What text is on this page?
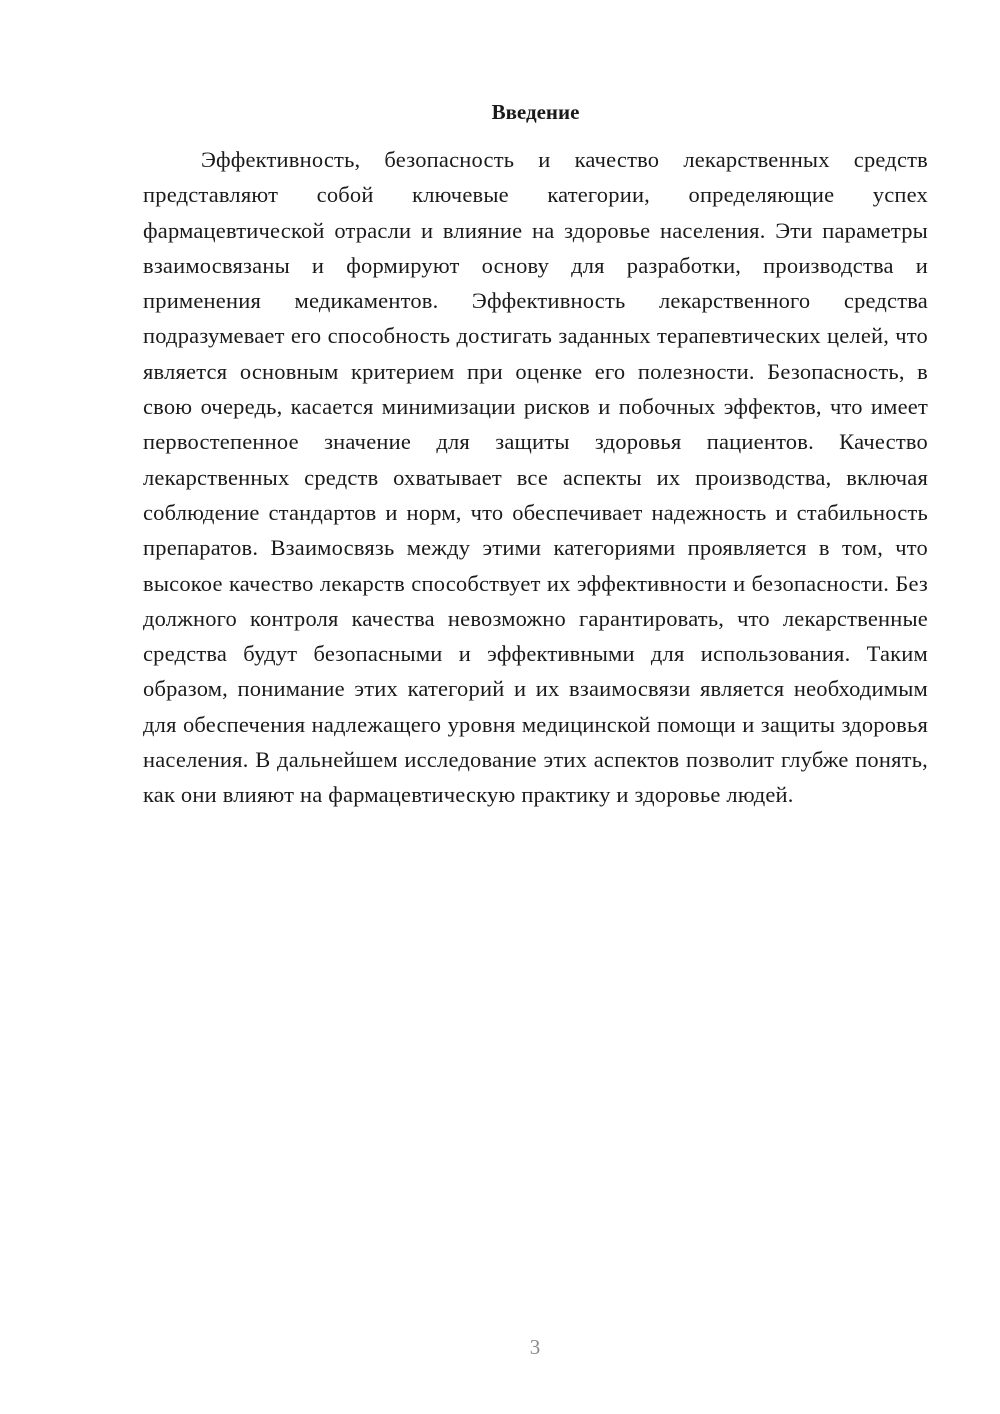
Введение

Эффективность, безопасность и качество лекарственных средств представляют собой ключевые категории, определяющие успех фармацевтической отрасли и влияние на здоровье населения. Эти параметры взаимосвязаны и формируют основу для разработки, производства и применения медикаментов. Эффективность лекарственного средства подразумевает его способность достигать заданных терапевтических целей, что является основным критерием при оценке его полезности. Безопасность, в свою очередь, касается минимизации рисков и побочных эффектов, что имеет первостепенное значение для защиты здоровья пациентов. Качество лекарственных средств охватывает все аспекты их производства, включая соблюдение стандартов и норм, что обеспечивает надежность и стабильность препаратов. Взаимосвязь между этими категориями проявляется в том, что высокое качество лекарств способствует их эффективности и безопасности. Без должного контроля качества невозможно гарантировать, что лекарственные средства будут безопасными и эффективными для использования. Таким образом, понимание этих категорий и их взаимосвязи является необходимым для обеспечения надлежащего уровня медицинской помощи и защиты здоровья населения. В дальнейшем исследование этих аспектов позволит глубже понять, как они влияют на фармацевтическую практику и здоровье людей.

3
